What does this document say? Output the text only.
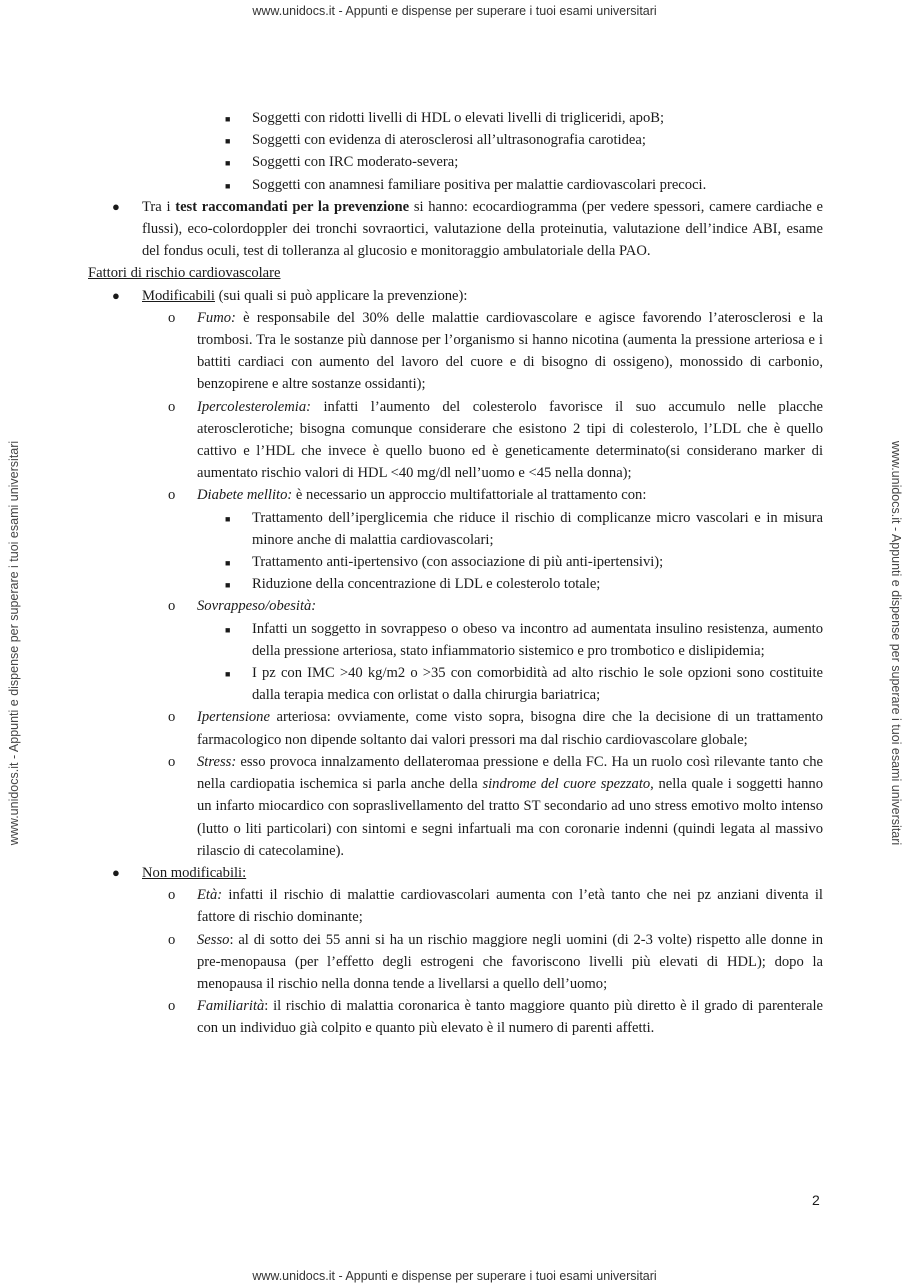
www.unidocs.it - Appunti e dispense per superare i tuoi esami universitari
www.unidocs.it - Appunti e dispense per superare i tuoi esami universitari	www.unidocs.it - Appunti e dispense per superare i tuoi esami universitari
■ Soggetti con ridotti livelli di HDL o elevati livelli di trigliceridi, apoB;
■ Soggetti con evidenza di aterosclerosi all’ultrasonografia carotidea;
■ Soggetti con IRC moderato-severa;
■ Soggetti con anamnesi familiare positiva per malattie cardiovascolari precoci.
● Tra i test raccomandati per la prevenzione si hanno: ecocardiogramma (per vedere spessori, camere cardiache e flussi), eco-colordoppler dei tronchi sovraortici, valutazione della proteinutia, valutazione dell’indice ABI, esame del fondus oculi, test di tolleranza al glucosio e monitoraggio ambulatoriale della PAO.

Fattori di rischio cardiovascolare

● Modificabili (sui quali si può applicare la prevenzione):
o Fumo: è responsabile del 30% delle malattie cardiovascolare e agisce favorendo l’aterosclerosi e la trombosi. Tra le sostanze più dannose per l’organismo si hanno nicotina (aumenta la pressione arteriosa e i battiti cardiaci con aumento del lavoro del cuore e di bisogno di ossigeno), monossido di carbonio, benzopirene e altre sostanze ossidanti);
o Ipercolesterolemia: infatti l’aumento del colesterolo favorisce il suo accumulo nelle placche aterosclerotiche; bisogna comunque considerare che esistono 2 tipi di colesterolo, l’LDL che è quello cattivo e l’HDL che invece è quello buono ed è geneticamente determinato(si considerano marker di aumentato rischio valori di HDL <40 mg/dl nell’uomo e <45 nella donna);
o Diabete mellito: è necessario un approccio multifattoriale al trattamento con:
■ Trattamento dell’iperglicemia che riduce il rischio di complicanze micro vascolari e in misura minore anche di malattia cardiovascolari;
■ Trattamento anti-ipertensivo (con associazione di più anti-ipertensivi);
■ Riduzione della concentrazione di LDL e colesterolo totale;
o Sovrappeso/obesità:
■ Infatti un soggetto in sovrappeso o obeso va incontro ad aumentata insulino resistenza, aumento della pressione arteriosa, stato infiammatorio sistemico e pro trombotico e dislipidemia;
■ I pz con IMC >40 kg/m2 o >35 con comorbidità ad alto rischio le sole opzioni sono costituite dalla terapia medica con orlistat o dalla chirurgia bariatrica;
o Ipertensione arteriosa: ovviamente, come visto sopra, bisogna dire che la decisione di un trattamento farmacologico non dipende soltanto dai valori pressori ma dal rischio cardiovascolare globale;
o Stress: esso provoca innalzamento dellateromaa pressione e della FC. Ha un ruolo così rilevante tanto che nella cardiopatia ischemica si parla anche della sindrome del cuore spezzato, nella quale i soggetti hanno un infarto miocardico con sopraslivellamento del tratto ST secondario ad uno stress emotivo molto intenso (lutto o liti particolari) con sintomi e segni infartuali ma con coronarie indenni (quindi legata al massivo rilascio di catecolamine).
● Non modificabili:
o Età: infatti il rischio di malattie cardiovascolari aumenta con l’età tanto che nei pz anziani diventa il fattore di rischio dominante;
o Sesso: al di sotto dei 55 anni si ha un rischio maggiore negli uomini (di 2-3 volte) rispetto alle donne in pre-menopausa (per l’effetto degli estrogeni che favoriscono livelli più elevati di HDL); dopo la menopausa il rischio nella donna tende a livellarsi a quello dell’uomo;
o Familiarità: il rischio di malattia coronarica è tanto maggiore quanto più diretto è il grado di parenterale con un individuo già colpito e quanto più elevato è il numero di parenti affetti.
2
www.unidocs.it - Appunti e dispense per superare i tuoi esami universitari
